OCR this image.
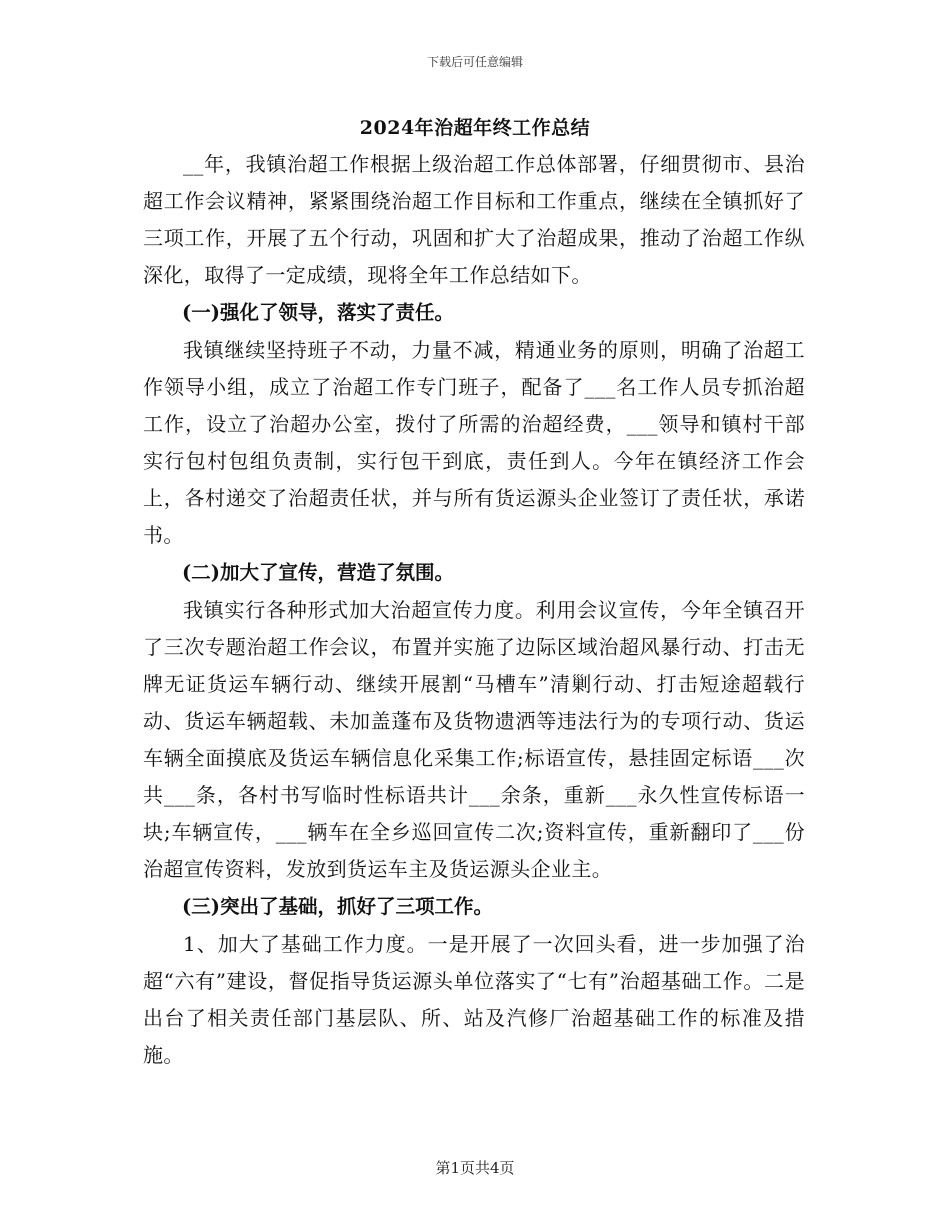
下载后可任意编辑
2024年治超年终工作总结

__年，我镇治超工作根据上级治超工作总体部署，仔细贯彻市、县治超工作会议精神，紧紧围绕治超工作目标和工作重点，继续在全镇抓好了三项工作，开展了五个行动，巩固和扩大了治超成果，推动了治超工作纵深化，取得了一定成绩，现将全年工作总结如下。

(一)强化了领导，落实了责任。

我镇继续坚持班子不动，力量不减，精通业务的原则，明确了治超工作领导小组，成立了治超工作专门班子，配备了___名工作人员专抓治超工作，设立了治超办公室，拨付了所需的治超经费，___领导和镇村干部实行包村包组负责制，实行包干到底，责任到人。今年在镇经济工作会上，各村递交了治超责任状，并与所有货运源头企业签订了责任状，承诺书。

(二)加大了宣传，营造了氛围。

我镇实行各种形式加大治超宣传力度。利用会议宣传，今年全镇召开了三次专题治超工作会议，布置并实施了边际区域治超风暴行动、打击无牌无证货运车辆行动、继续开展割“马槽车”清剿行动、打击短途超载行动、货运车辆超载、未加盖蓬布及货物遗洒等违法行为的专项行动、货运车辆全面摸底及货运车辆信息化采集工作;标语宣传，悬挂固定标语___次共___条，各村书写临时性标语共计___余条，重新___永久性宣传标语一块;车辆宣传，___辆车在全乡巡回宣传二次;资料宣传，重新翻印了___份治超宣传资料，发放到货运车主及货运源头企业主。

(三)突出了基础，抓好了三项工作。

1、加大了基础工作力度。一是开展了一次回头看，进一步加强了治超“六有”建设，督促指导货运源头单位落实了“七有”治超基础工作。二是出台了相关责任部门基层队、所、站及汽修厂治超基础工作的标准及措施。

第1页共4页
